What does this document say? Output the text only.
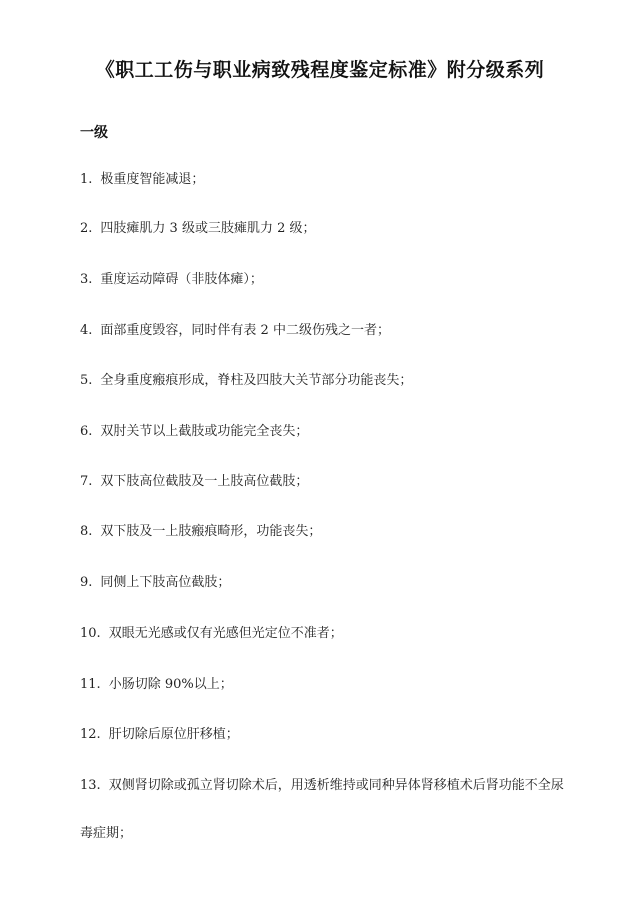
《职工工伤与职业病致残程度鉴定标准》附分级系列
一级
1. 极重度智能减退；
2. 四肢瘫肌力 3 级或三肢瘫肌力 2 级；
3. 重度运动障碍（非肢体瘫）；
4. 面部重度毁容，同时伴有表 2 中二级伤残之一者；
5. 全身重度瘢痕形成，脊柱及四肢大关节部分功能丧失；
6. 双肘关节以上截肢或功能完全丧失；
7. 双下肢高位截肢及一上肢高位截肢；
8. 双下肢及一上肢瘢痕畸形，功能丧失；
9. 同侧上下肢高位截肢；
10. 双眼无光感或仅有光感但光定位不准者；
11. 小肠切除 90%以上；
12. 肝切除后原位肝移植；
13. 双侧肾切除或孤立肾切除术后，用透析维持或同种异体肾移植术后肾功能不全尿毒症期；
